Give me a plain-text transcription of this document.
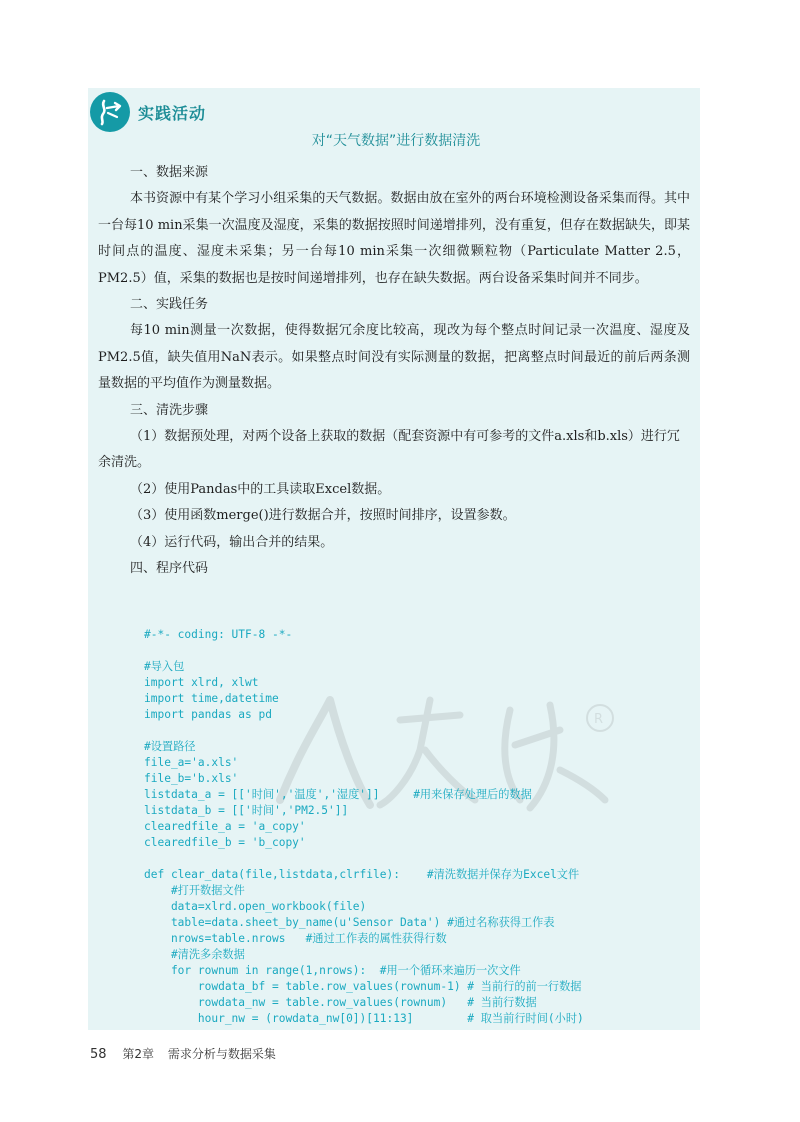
实践活动
对“天气数据”进行数据清洗
一、数据来源
本书资源中有某个学习小组采集的天气数据。数据由放在室外的两台环境检测设备采集而得。其中一台每10 min采集一次温度及湿度，采集的数据按照时间递增排列，没有重复，但存在数据缺失，即某时间点的温度、湿度未采集；另一台每10 min采集一次细微颗粒物（Particulate Matter 2.5，PM2.5）值，采集的数据也是按时间递增排列，也存在缺失数据。两台设备采集时间并不同步。
二、实践任务
每10 min测量一次数据，使得数据冗余度比较高，现改为每个整点时间记录一次温度、湿度及PM2.5值，缺失值用NaN表示。如果整点时间没有实际测量的数据，把离整点时间最近的前后两条测量数据的平均值作为测量数据。
三、清洗步骤
（1）数据预处理，对两个设备上获取的数据（配套资源中有可参考的文件a.xls和b.xls）进行冗余清洗。
（2）使用Pandas中的工具读取Excel数据。
（3）使用函数merge()进行数据合并，按照时间排序，设置参数。
（4）运行代码，输出合并的结果。
四、程序代码
R
#-*- coding: UTF-8 -*-
#导入包
import xlrd, xlwt
import time,datetime
import pandas as pd
#设置路径
file_a='a.xls'
file_b='b.xls'
listdata_a = [['时间','温度','湿度']]     #用来保存处理后的数据
listdata_b = [['时间','PM2.5']]
clearedfile_a = 'a_copy'
clearedfile_b = 'b_copy'
def clear_data(file,listdata,clrfile):    #清洗数据并保存为Excel文件
#打开数据文件
data=xlrd.open_workbook(file)
table=data.sheet_by_name(u'Sensor Data') #通过名称获得工作表
nrows=table.nrows   #通过工作表的属性获得行数
#清洗多余数据
for rownum in range(1,nrows):  #用一个循环来遍历一次文件
rowdata_bf = table.row_values(rownum-1) # 当前行的前一行数据
rowdata_nw = table.row_values(rownum)   # 当前行数据
hour_nw = (rowdata_nw[0])[11:13]        # 取当前行时间(小时)
58 第2章 需求分析与数据采集
